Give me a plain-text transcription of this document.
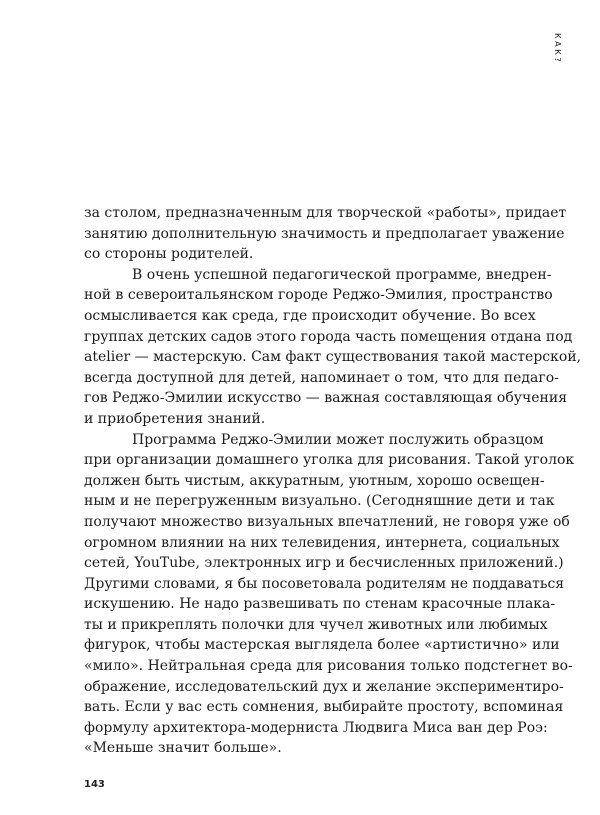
КАК?
за столом, предназначенным для творческой «работы», придает
занятию дополнительную значимость и предполагает уважение
со стороны родителей.
В очень успешной педагогической программе, внедрен-
ной в североитальянском городе Реджо-Эмилия, пространство
осмысливается как среда, где происходит обучение. Во всех
группах детских садов этого города часть помещения отдана под
atelier — мастерскую. Сам факт существования такой мастерской,
всегда доступной для детей, напоминает о том, что для педаго-
гов Реджо-Эмилии искусство — важная составляющая обучения
и приобретения знаний.
Программа Реджо-Эмилии может послужить образцом
при организации домашнего уголка для рисования. Такой уголок
должен быть чистым, аккуратным, уютным, хорошо освещен-
ным и не перегруженным визуально. (Сегодняшние дети и так
получают множество визуальных впечатлений, не говоря уже об
огромном влиянии на них телевидения, интернета, социальных
сетей, YouTube, электронных игр и бесчисленных приложений.)
Другими словами, я бы посоветовала родителям не поддаваться
искушению. Не надо развешивать по стенам красочные плака-
ты и прикреплять полочки для чучел животных или любимых
фигурок, чтобы мастерская выглядела более «артистично» или
«мило». Нейтральная среда для рисования только подстегнет во-
ображение, исследовательский дух и желание экспериментиро-
вать. Если у вас есть сомнения, выбирайте простоту, вспоминая
формулу архитектора-модерниста Людвига Миса ван дер Роэ:
«Меньше значит больше».
143
